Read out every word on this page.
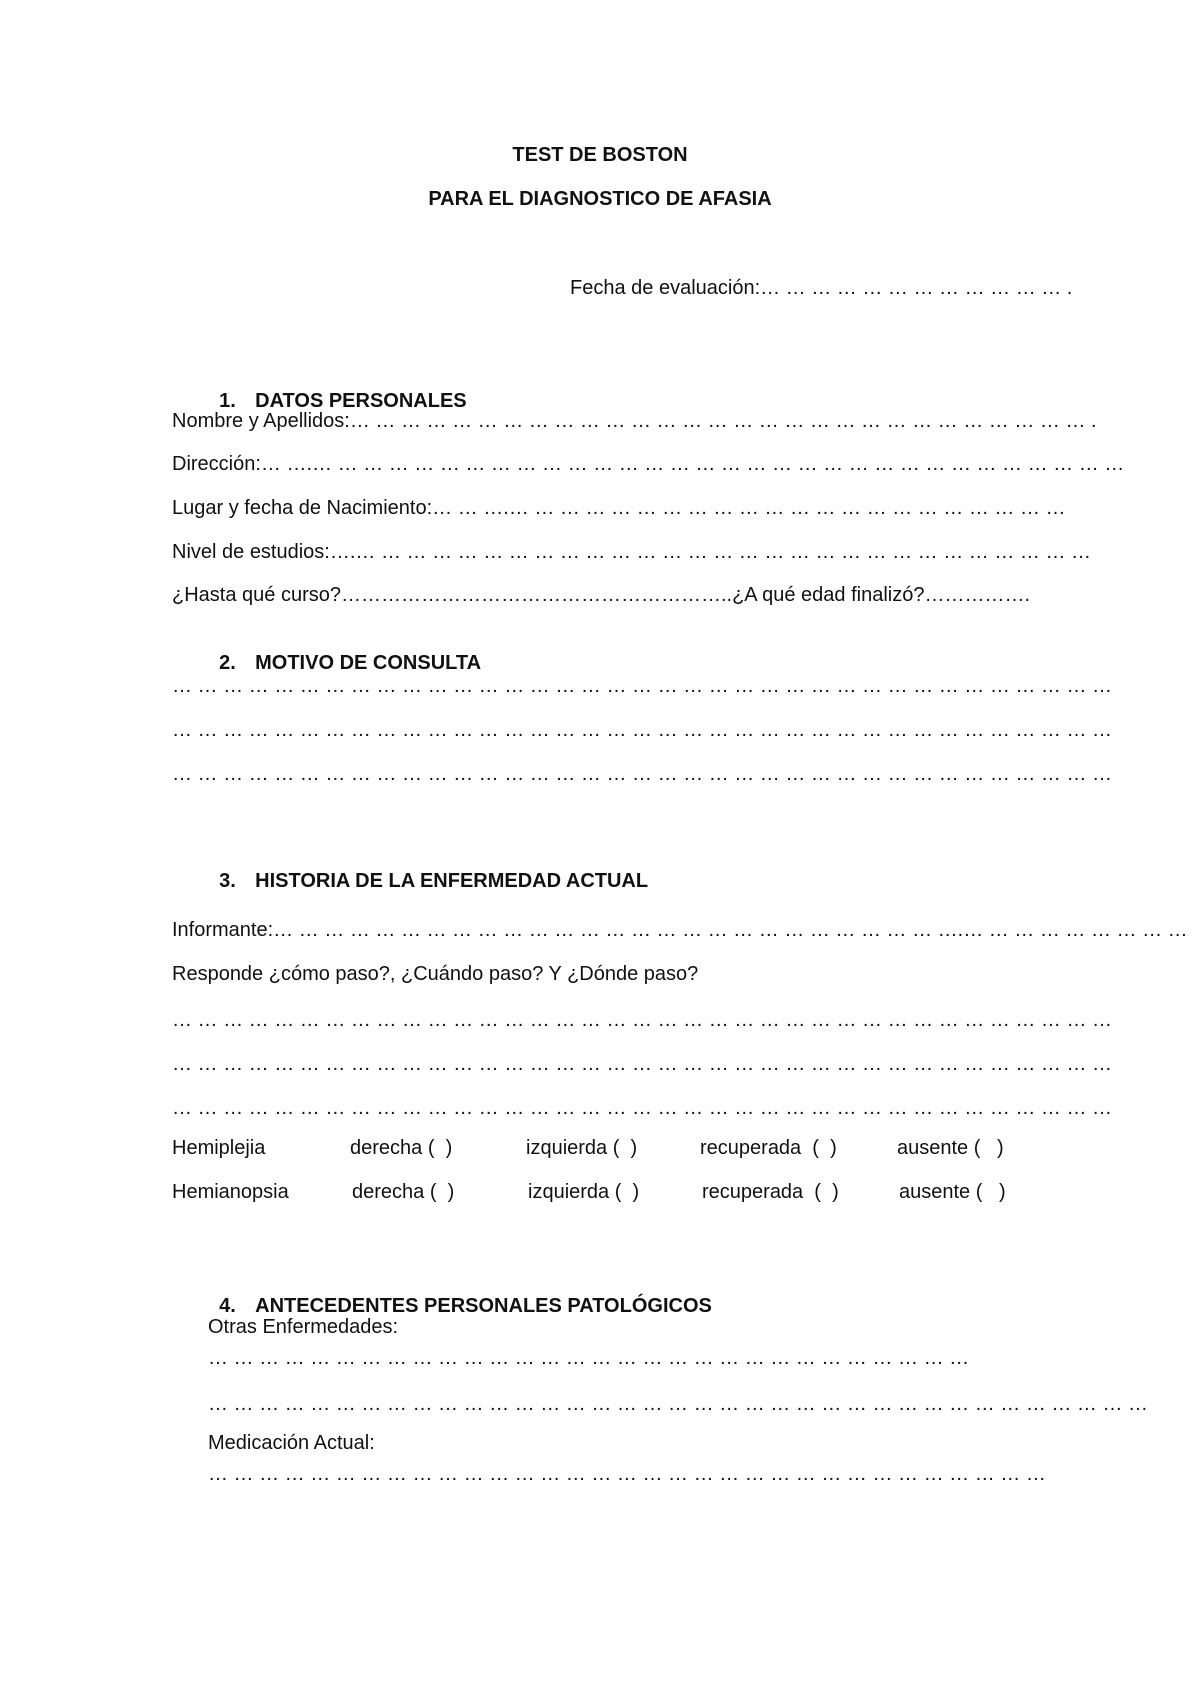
TEST DE BOSTON
PARA EL DIAGNOSTICO DE AFASIA
Fecha de evaluación:… … … … … … … … … … … … .

1. DATOS PERSONALES

Nombre y Apellidos:… … … … … … … … … … … … … … … … … … … … … … … … … … … … … .
Dirección:… ….… … … … … … … … … … … … … … … … … … … … … … … … … … … … … … … …
Lugar y fecha de Nacimiento:… … ….… … … … … … … … … … … … … … … … … … … … … …
Nivel de estudios:….… … … … … … … … … … … … … … … … … … … … … … … … … … … … …
¿Hasta qué curso?…………………………………………………..¿A qué edad finalizó?…………….

2. MOTIVO DE CONSULTA

… … … … … … … … … … … … … … … … … … … … … … … … … … … … … … … … … … … … …
… … … … … … … … … … … … … … … … … … … … … … … … … … … … … … … … … … … … …
… … … … … … … … … … … … … … … … … … … … … … … … … … … … … … … … … … … … …

3. HISTORIA DE LA ENFERMEDAD ACTUAL

Informante:… … … … … … … … … … … … … … … … … … … … … … … … … … ….… … … … … … … … …
Responde ¿cómo paso?, ¿Cuándo paso? Y ¿Dónde paso?
… … … … … … … … … … … … … … … … … … … … … … … … … … … … … … … … … … … … …
… … … … … … … … … … … … … … … … … … … … … … … … … … … … … … … … … … … … …
… … … … … … … … … … … … … … … … … … … … … … … … … … … … … … … … … … … … …
Hemiplejia	derecha (  )	izquierda (  )	recuperada  (  )	ausente (   )
Hemianopsia	derecha (  )	izquierda (  )	recuperada  (  )	ausente (   )

4. ANTECEDENTES PERSONALES PATOLÓGICOS

Otras Enfermedades:
… … … … … … … … … … … … … … … … … … … … … … … … … … … … … …
… … … … … … … … … … … … … … … … … … … … … … … … … … … … … … … … … … … … …
Medicación Actual:
… … … … … … … … … … … … … … … … … … … … … … … … … … … … … … … … …
